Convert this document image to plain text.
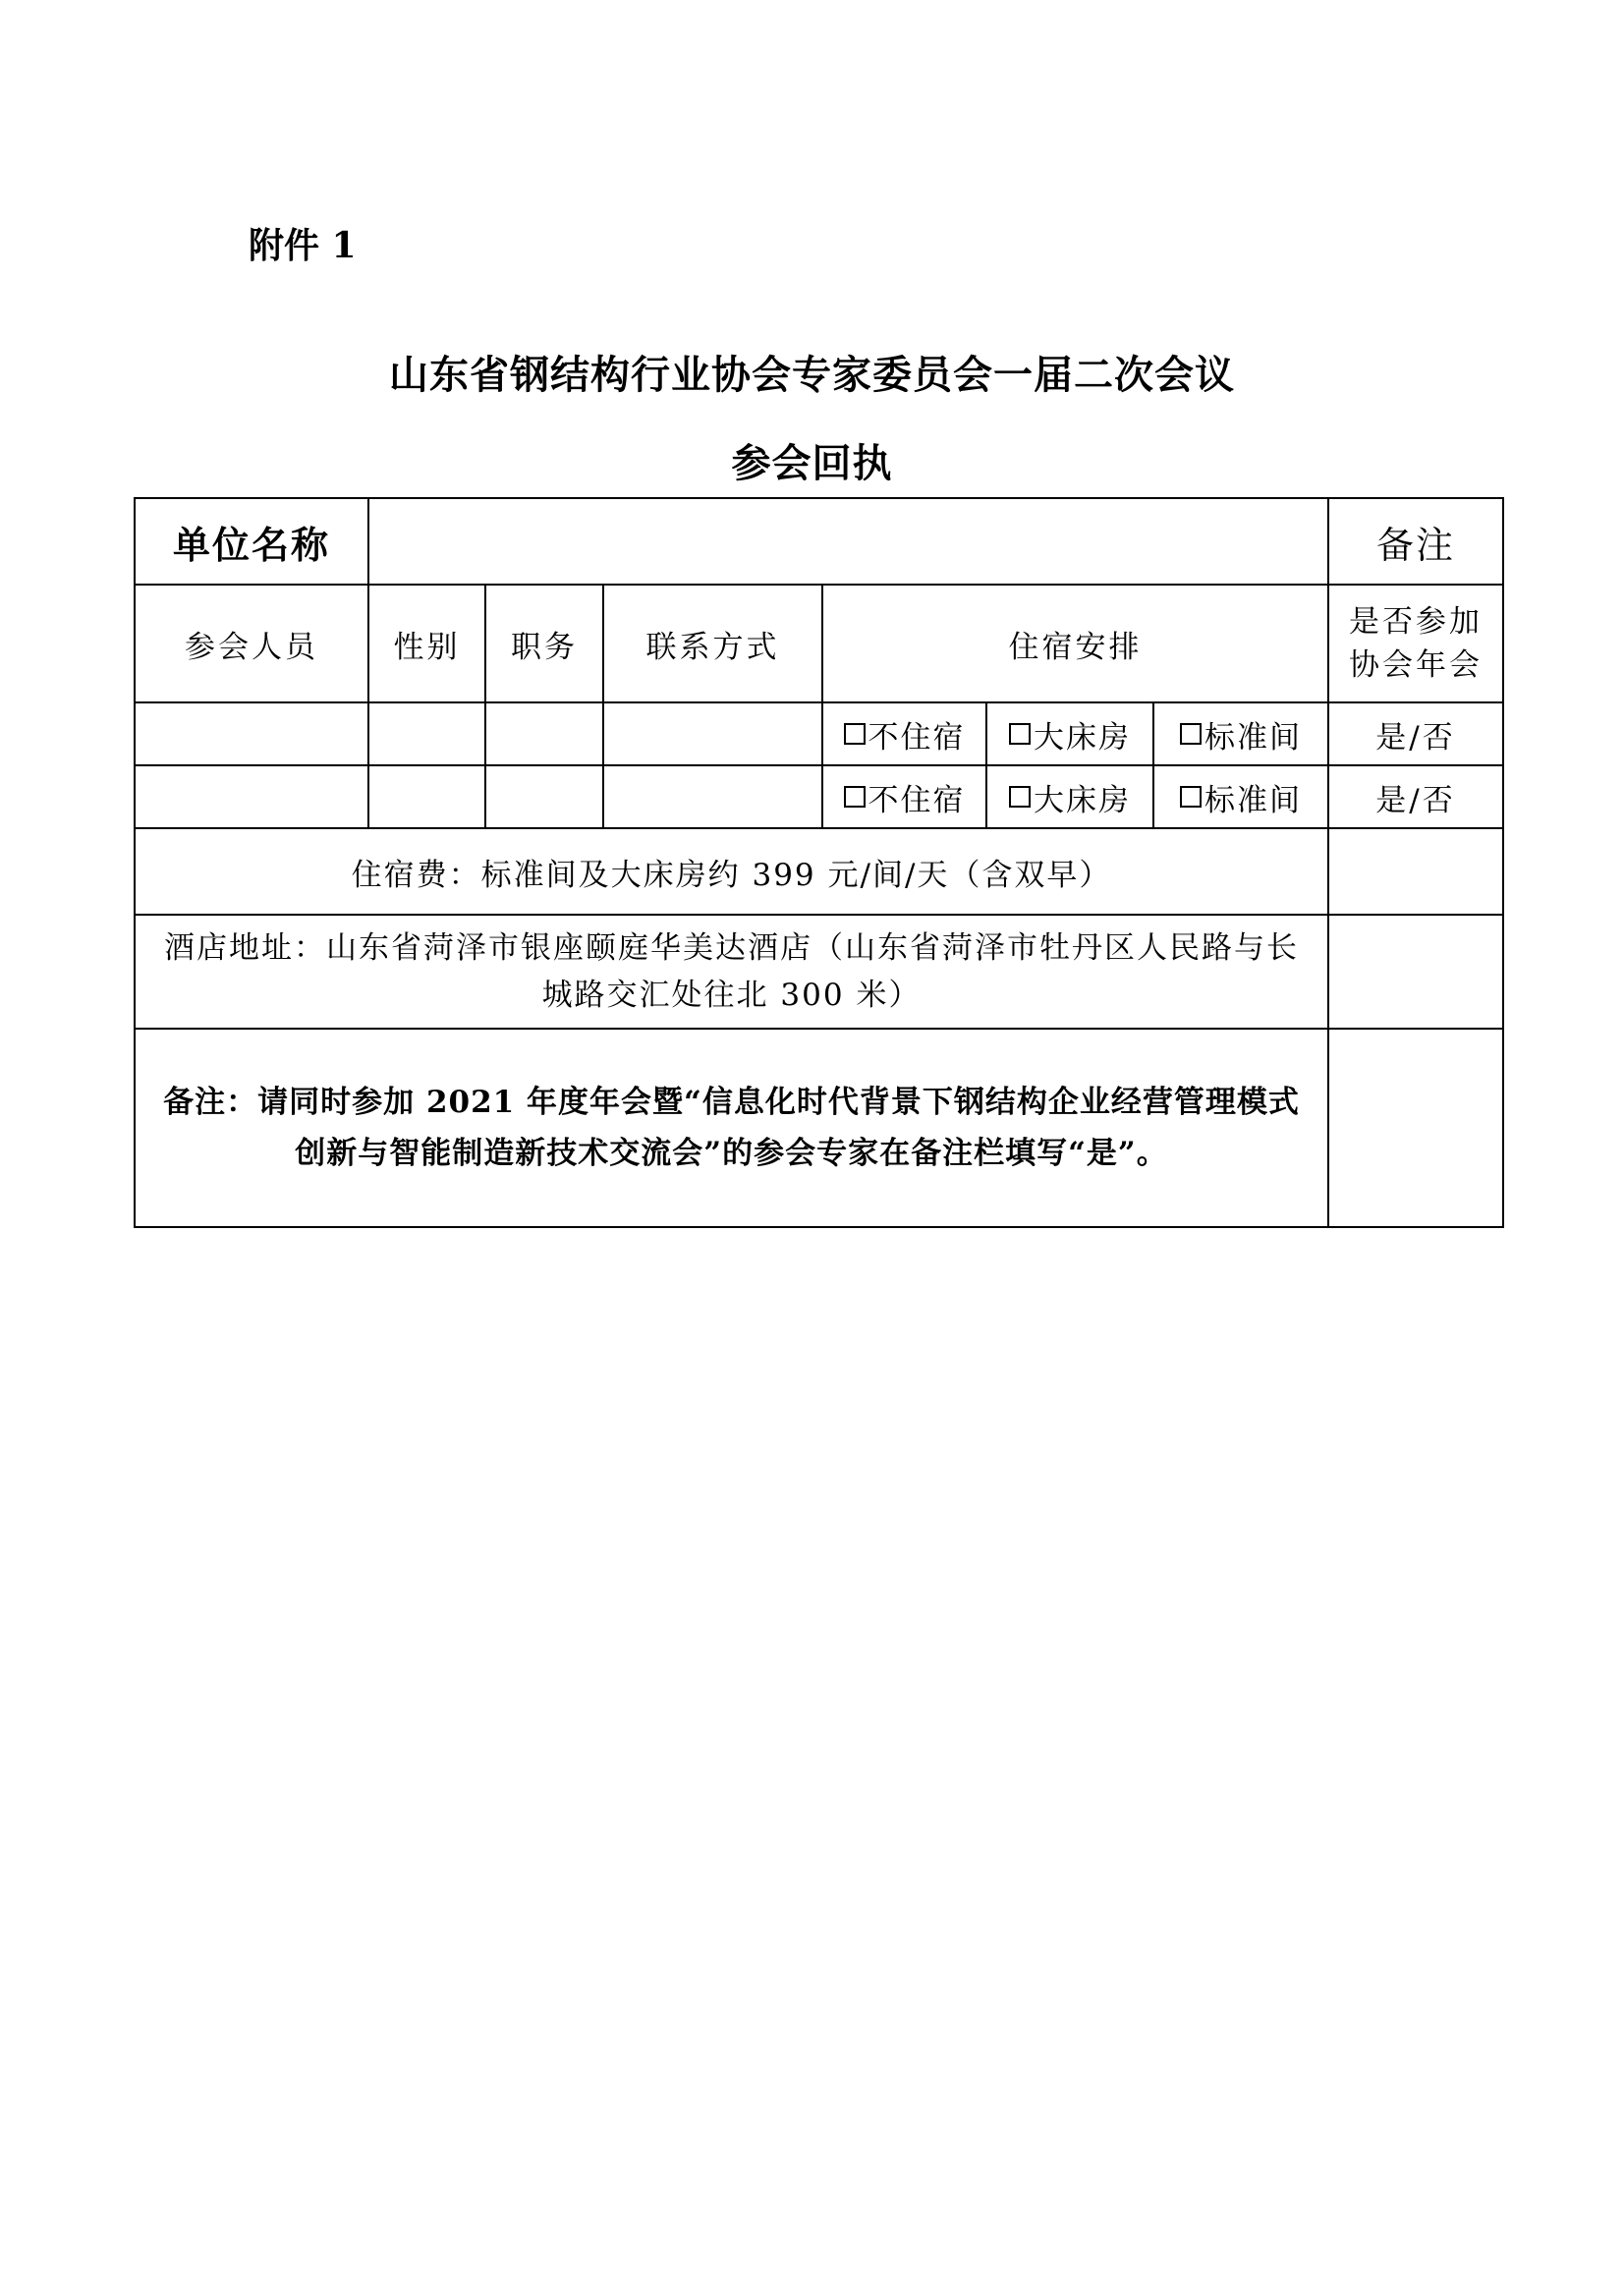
附件 1
山东省钢结构行业协会专家委员会一届二次会议
参会回执
单位名称							备注
参会人员	性别	职务	联系方式	住宿安排			是否参加
协会年会

				不住宿	大床房	标准间	是/否

				不住宿	大床房	标准间	是/否
住宿费：标准间及大床房约 399 元/间/天（含双早）							

酒店地址：山东省菏泽市银座颐庭华美达酒店（山东省菏泽市牡丹区人民路与长
城路交汇处往北 300 米）							

备注：请同时参加 2021 年度年会暨“信息化时代背景下钢结构企业经营管理模式
创新与智能制造新技术交流会”的参会专家在备注栏填写“是”。							
